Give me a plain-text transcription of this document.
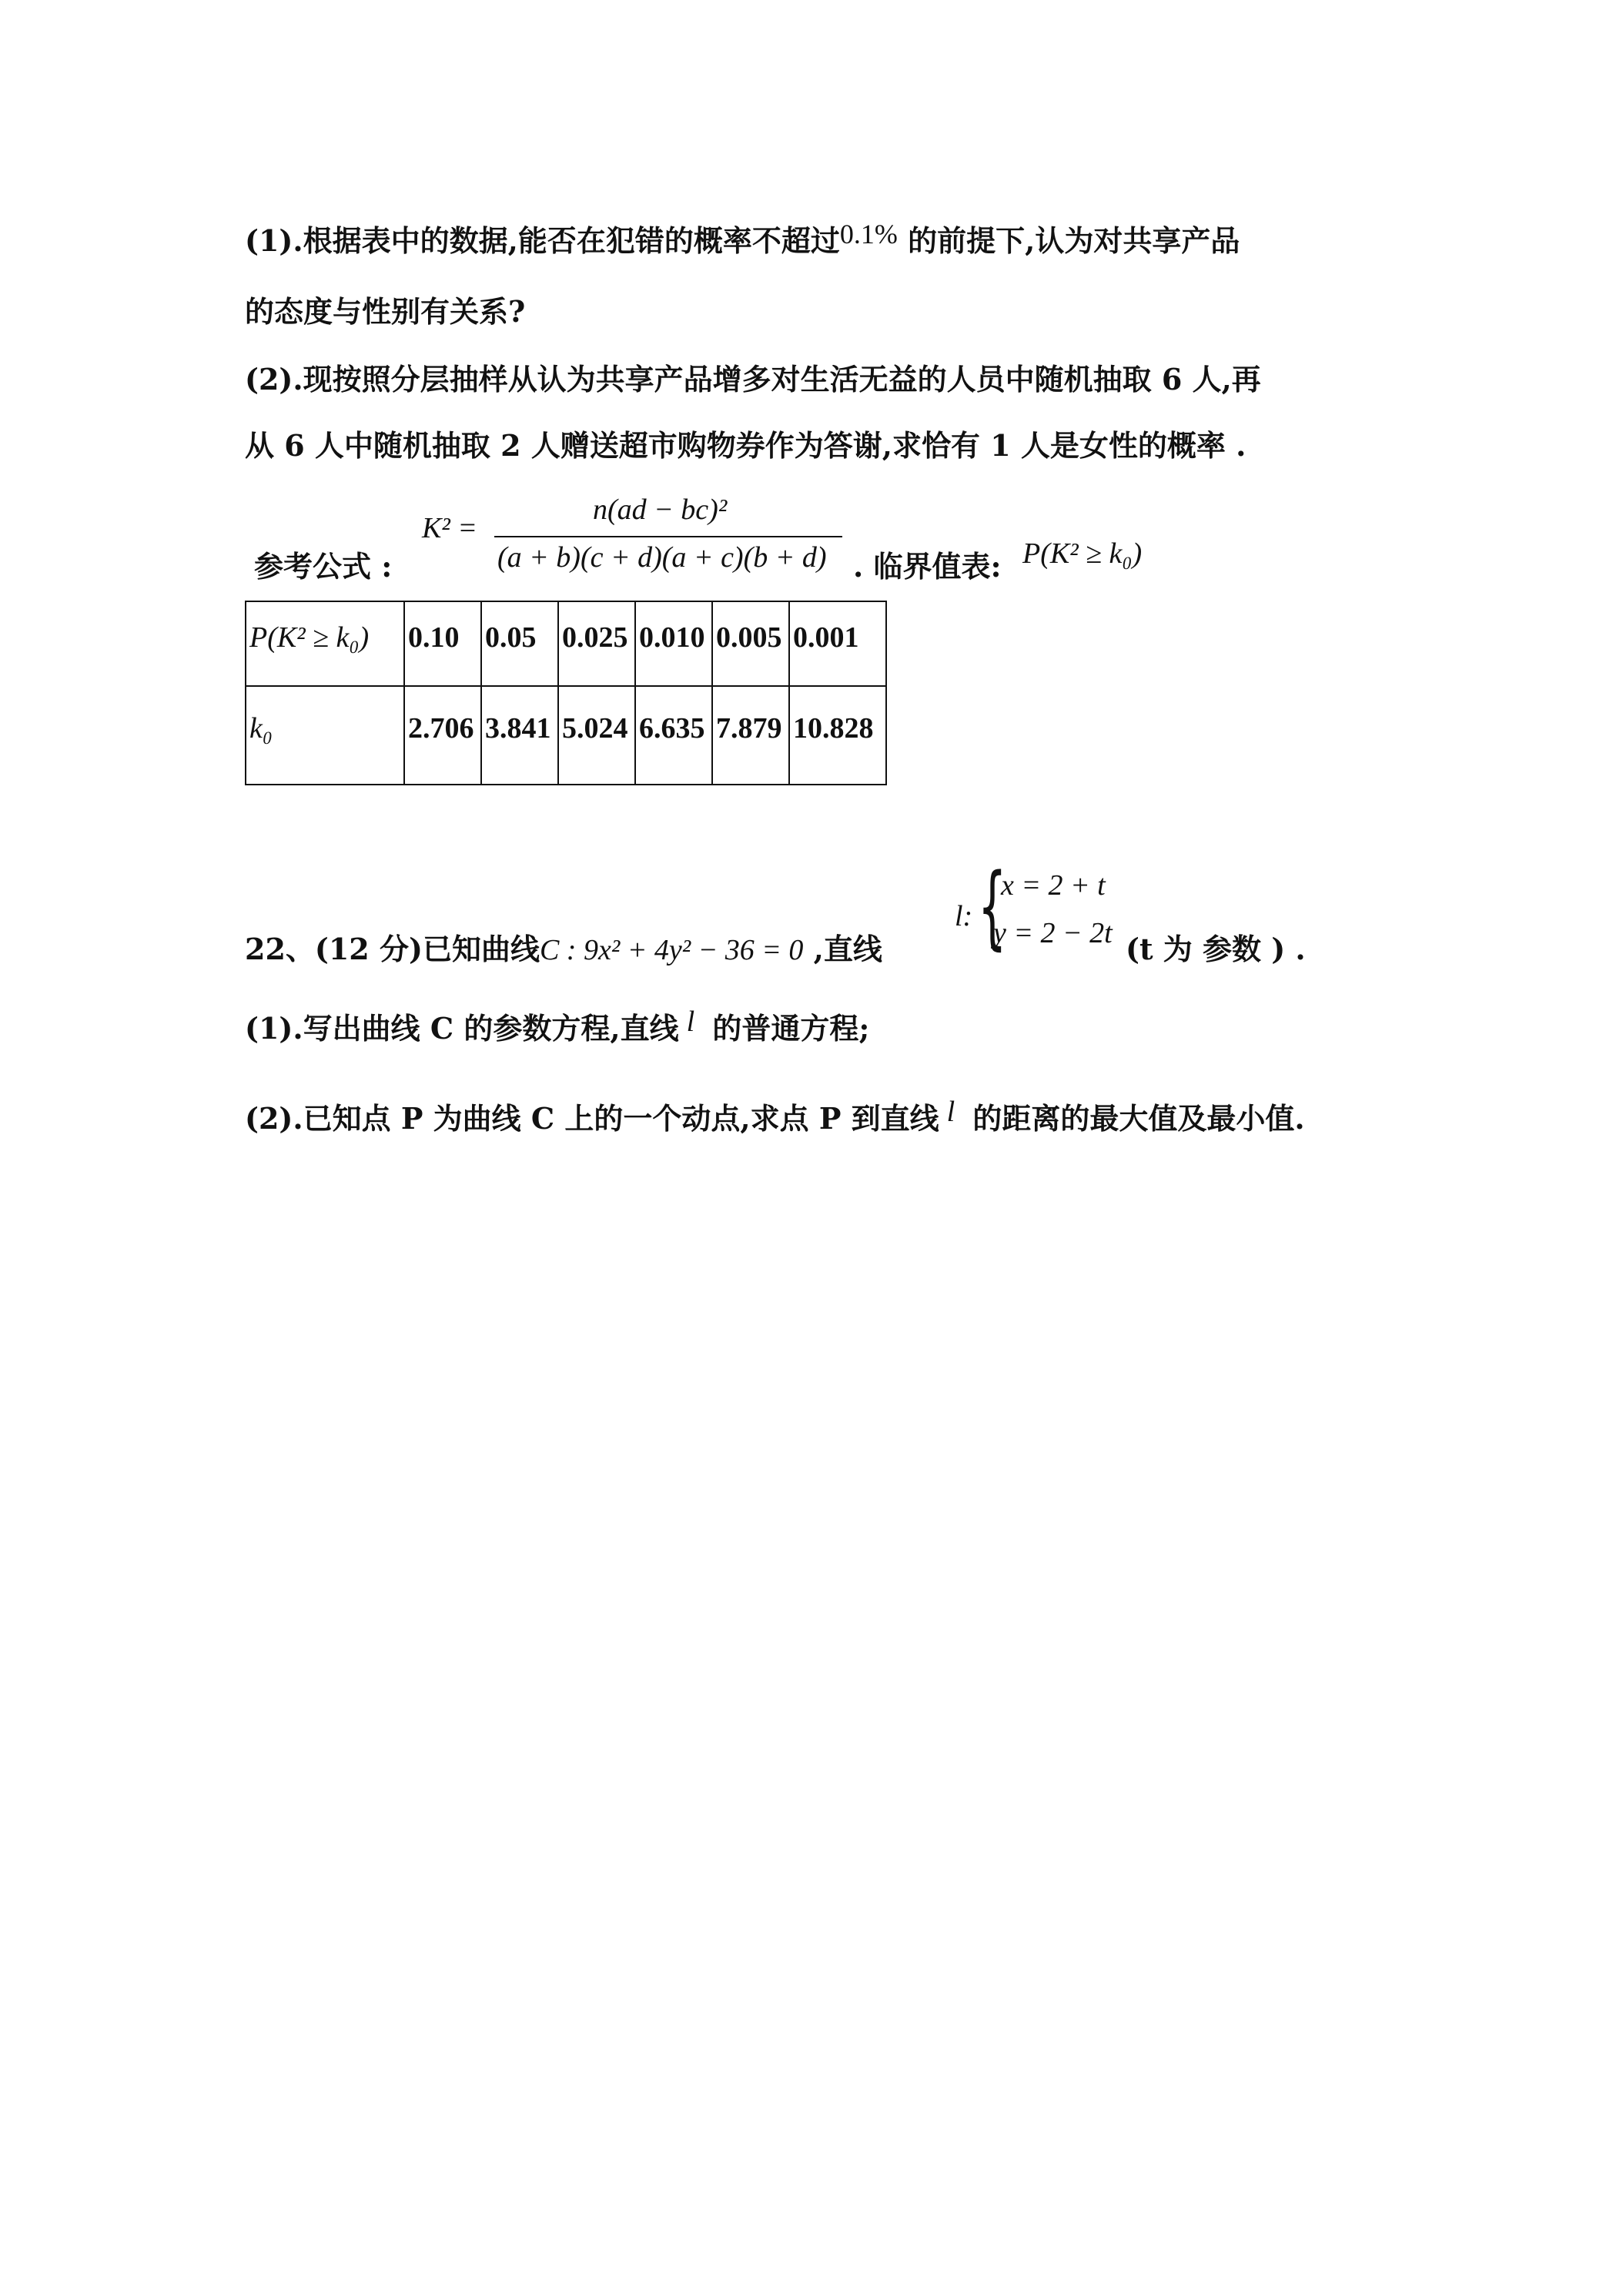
(1).根据表中的数据,能否在犯错的概率不超过0.1% 的前提下,认为对共享产品
的态度与性别有关系?
(2).现按照分层抽样从认为共享产品增多对生活无益的人员中随机抽取 6 人,再
从 6 人中随机抽取 2 人赠送超市购物券作为答谢,求恰有 1 人是女性的概率 .
参考公式 :
K² =
n(ad − bc)²
(a + b)(c + d)(a + c)(b + d) . 临界值表: P(K² ≥ k₀)
P(K² ≥ k₀)	0.10	0.05	0.025	0.010	0.005	0.001
k₀	2.706	3.841	5.024	6.635	7.879	10.828
22、(12 分)已知曲线C : 9x² + 4y² − 36 = 0 ,直线
l: {
x = 2 + t
y = 2 − 2t (t 为 参数 ) .
(1).写出曲线 C 的参数方程,直线 l 的普通方程;
(2).已知点 P 为曲线 C 上的一个动点,求点 P 到直线 l 的距离的最大值及最小值.
